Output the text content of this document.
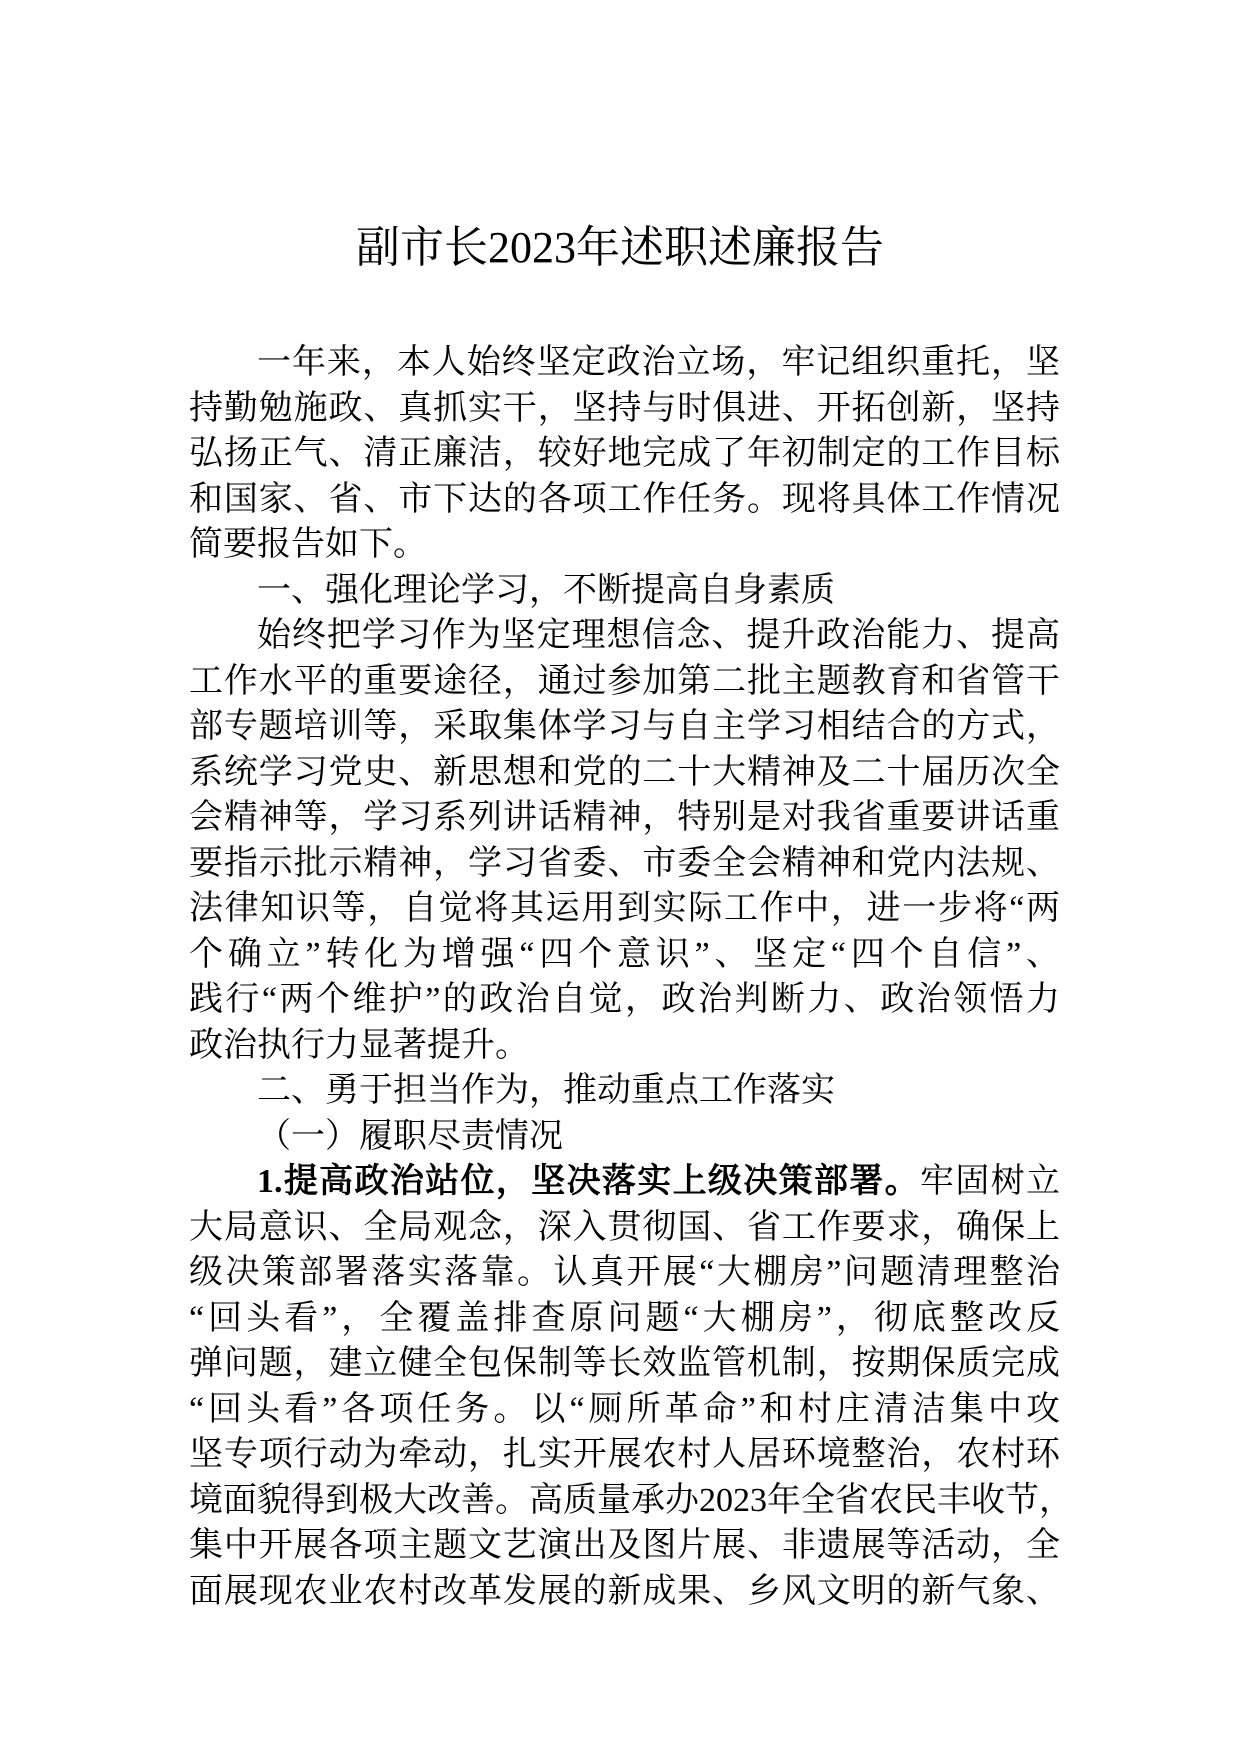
副市长2023年述职述廉报告
一年来，本人始终坚定政治立场，牢记组织重托，坚
持勤勉施政、真抓实干，坚持与时俱进、开拓创新，坚持
弘扬正气、清正廉洁，较好地完成了年初制定的工作目标
和国家、省、市下达的各项工作任务。现将具体工作情况
简要报告如下。
一、强化理论学习，不断提高自身素质
始终把学习作为坚定理想信念、提升政治能力、提高
工作水平的重要途径，通过参加第二批主题教育和省管干
部专题培训等，采取集体学习与自主学习相结合的方式，
系统学习党史、新思想和党的二十大精神及二十届历次全
会精神等，学习系列讲话精神，特别是对我省重要讲话重
要指示批示精神，学习省委、市委全会精神和党内法规、
法律知识等，自觉将其运用到实际工作中，进一步将“两
个确立”转化为增强“四个意识”、坚定“四个自信”、
践行“两个维护”的政治自觉，政治判断力、政治领悟力
政治执行力显著提升。
二、勇于担当作为，推动重点工作落实
（一）履职尽责情况
1.提高政治站位，坚决落实上级决策部署。牢固树立
大局意识、全局观念，深入贯彻国、省工作要求，确保上
级决策部署落实落靠。认真开展“大棚房”问题清理整治
“回头看”，全覆盖排查原问题“大棚房”，彻底整改反
弹问题，建立健全包保制等长效监管机制，按期保质完成
“回头看”各项任务。以“厕所革命”和村庄清洁集中攻
坚专项行动为牵动，扎实开展农村人居环境整治，农村环
境面貌得到极大改善。高质量承办2023年全省农民丰收节，
集中开展各项主题文艺演出及图片展、非遗展等活动，全
面展现农业农村改革发展的新成果、乡风文明的新气象、
